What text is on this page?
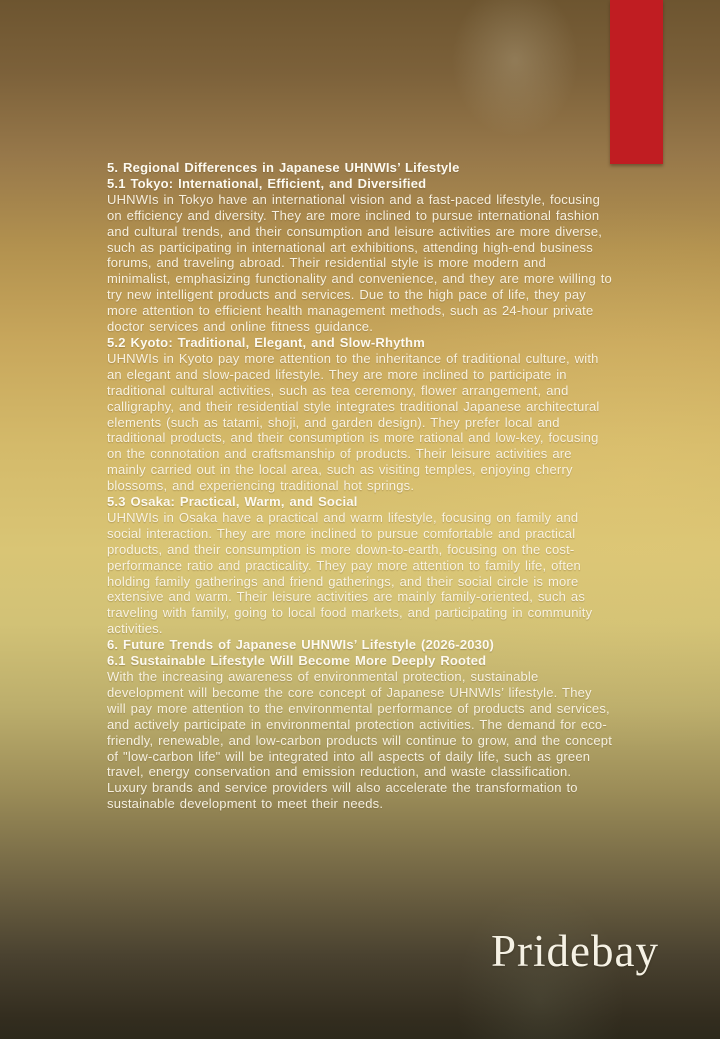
5. Regional Differences in Japanese UHNWIs’ Lifestyle
5.1 Tokyo: International, Efficient, and Diversified

UHNWIs in Tokyo have an international vision and a fast-paced lifestyle, focusing on efficiency and diversity. They are more inclined to pursue international fashion and cultural trends, and their consumption and leisure activities are more diverse, such as participating in international art exhibitions, attending high-end business forums, and traveling abroad. Their residential style is more modern and minimalist, emphasizing functionality and convenience, and they are more willing to try new intelligent products and services. Due to the high pace of life, they pay more attention to efficient health management methods, such as 24-hour private doctor services and online fitness guidance.

5.2 Kyoto: Traditional, Elegant, and Slow-Rhythm

UHNWIs in Kyoto pay more attention to the inheritance of traditional culture, with an elegant and slow-paced lifestyle. They are more inclined to participate in traditional cultural activities, such as tea ceremony, flower arrangement, and calligraphy, and their residential style integrates traditional Japanese architectural elements (such as tatami, shoji, and garden design). They prefer local and traditional products, and their consumption is more rational and low-key, focusing on the connotation and craftsmanship of products. Their leisure activities are mainly carried out in the local area, such as visiting temples, enjoying cherry blossoms, and experiencing traditional hot springs.

5.3 Osaka: Practical, Warm, and Social

UHNWIs in Osaka have a practical and warm lifestyle, focusing on family and social interaction. They are more inclined to pursue comfortable and practical products, and their consumption is more down-to-earth, focusing on the cost-performance ratio and practicality. They pay more attention to family life, often holding family gatherings and friend gatherings, and their social circle is more extensive and warm. Their leisure activities are mainly family-oriented, such as traveling with family, going to local food markets, and participating in community activities.

6. Future Trends of Japanese UHNWIs’ Lifestyle (2026-2030)
6.1 Sustainable Lifestyle Will Become More Deeply Rooted

With the increasing awareness of environmental protection, sustainable development will become the core concept of Japanese UHNWIs’ lifestyle. They will pay more attention to the environmental performance of products and services, and actively participate in environmental protection activities. The demand for eco-friendly, renewable, and low-carbon products will continue to grow, and the concept of "low-carbon life" will be integrated into all aspects of daily life, such as green travel, energy conservation and emission reduction, and waste classification. Luxury brands and service providers will also accelerate the transformation to sustainable development to meet their needs.

Pridebay
